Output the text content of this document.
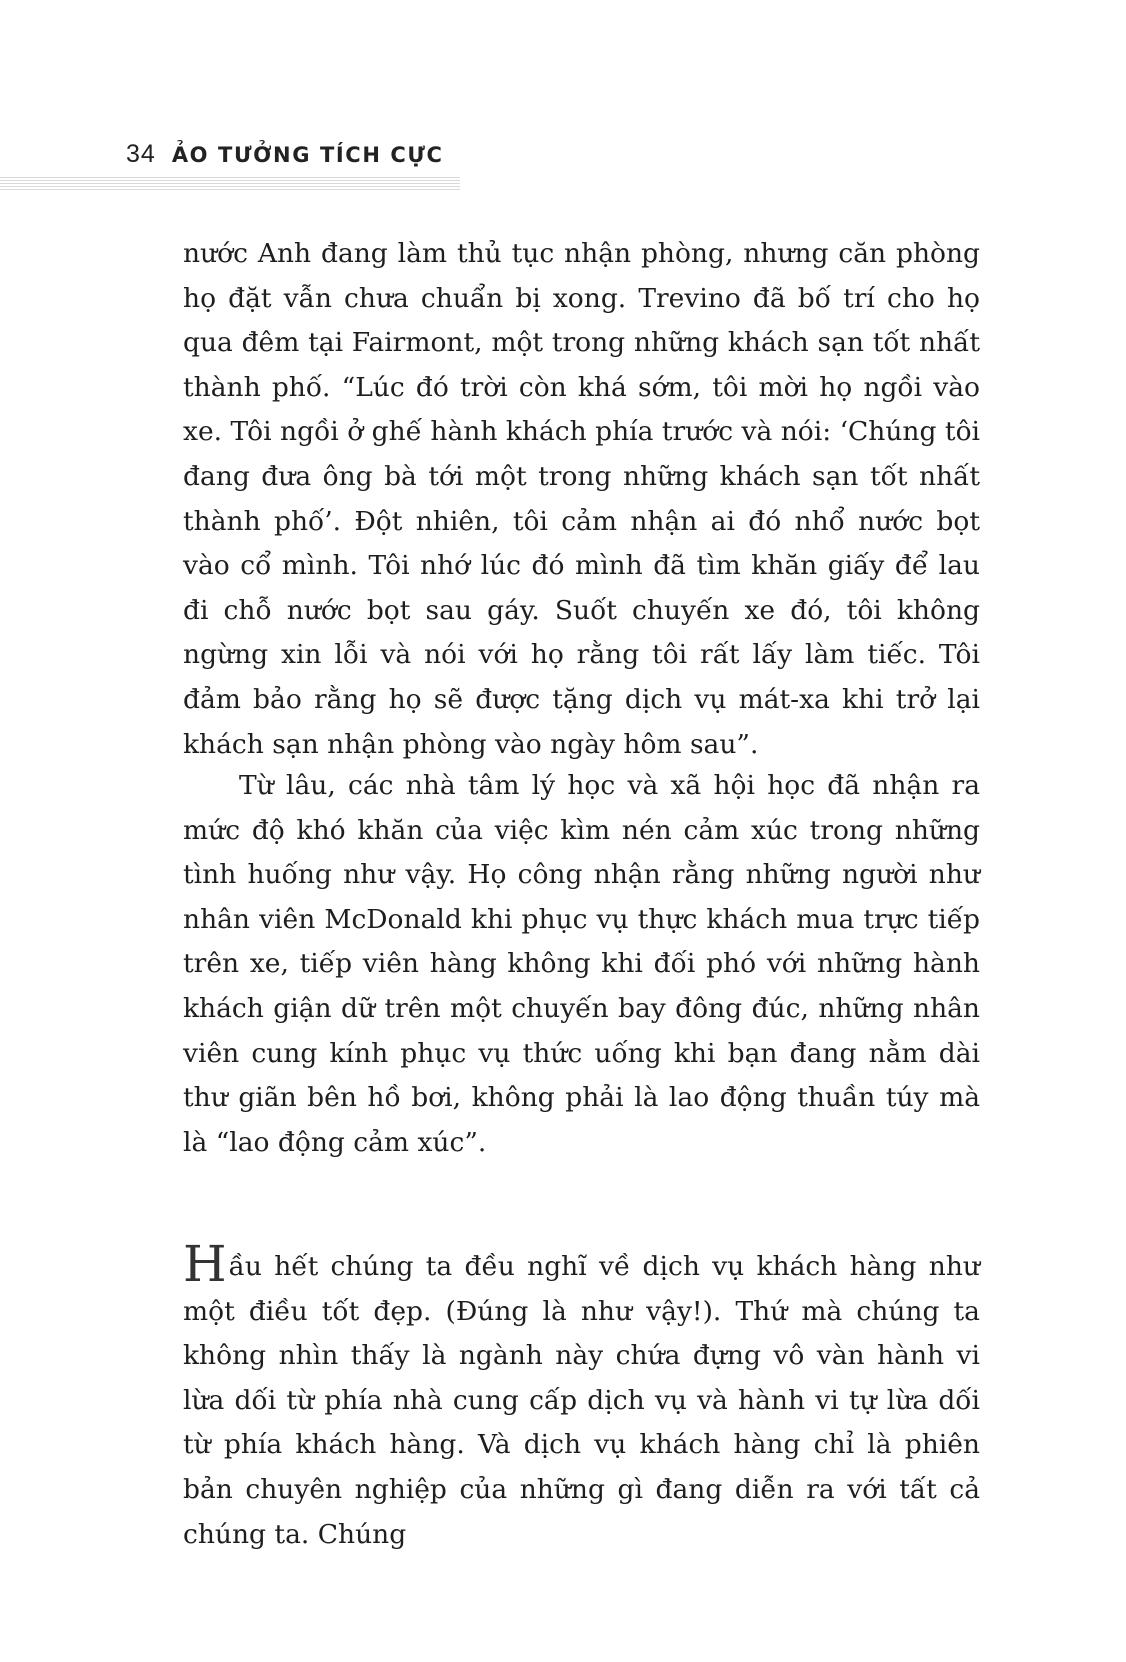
34 ẢO TƯỞNG TÍCH CỰC

nước Anh đang làm thủ tục nhận phòng, nhưng căn phòng họ đặt vẫn chưa chuẩn bị xong. Trevino đã bố trí cho họ qua đêm tại Fairmont, một trong những khách sạn tốt nhất thành phố. “Lúc đó trời còn khá sớm, tôi mời họ ngồi vào xe. Tôi ngồi ở ghế hành khách phía trước và nói: ‘Chúng tôi đang đưa ông bà tới một trong những khách sạn tốt nhất thành phố’. Đột nhiên, tôi cảm nhận ai đó nhổ nước bọt vào cổ mình. Tôi nhớ lúc đó mình đã tìm khăn giấy để lau đi chỗ nước bọt sau gáy. Suốt chuyến xe đó, tôi không ngừng xin lỗi và nói với họ rằng tôi rất lấy làm tiếc. Tôi đảm bảo rằng họ sẽ được tặng dịch vụ mát-xa khi trở lại khách sạn nhận phòng vào ngày hôm sau”.

Từ lâu, các nhà tâm lý học và xã hội học đã nhận ra mức độ khó khăn của việc kìm nén cảm xúc trong những tình huống như vậy. Họ công nhận rằng những người như nhân viên McDonald khi phục vụ thực khách mua trực tiếp trên xe, tiếp viên hàng không khi đối phó với những hành khách giận dữ trên một chuyến bay đông đúc, những nhân viên cung kính phục vụ thức uống khi bạn đang nằm dài thư giãn bên hồ bơi, không phải là lao động thuần túy mà là “lao động cảm xúc”.

Hầu hết chúng ta đều nghĩ về dịch vụ khách hàng như một điều tốt đẹp. (Đúng là như vậy!). Thứ mà chúng ta không nhìn thấy là ngành này chứa đựng vô vàn hành vi lừa dối từ phía nhà cung cấp dịch vụ và hành vi tự lừa dối từ phía khách hàng. Và dịch vụ khách hàng chỉ là phiên bản chuyên nghiệp của những gì đang diễn ra với tất cả chúng ta. Chúng
